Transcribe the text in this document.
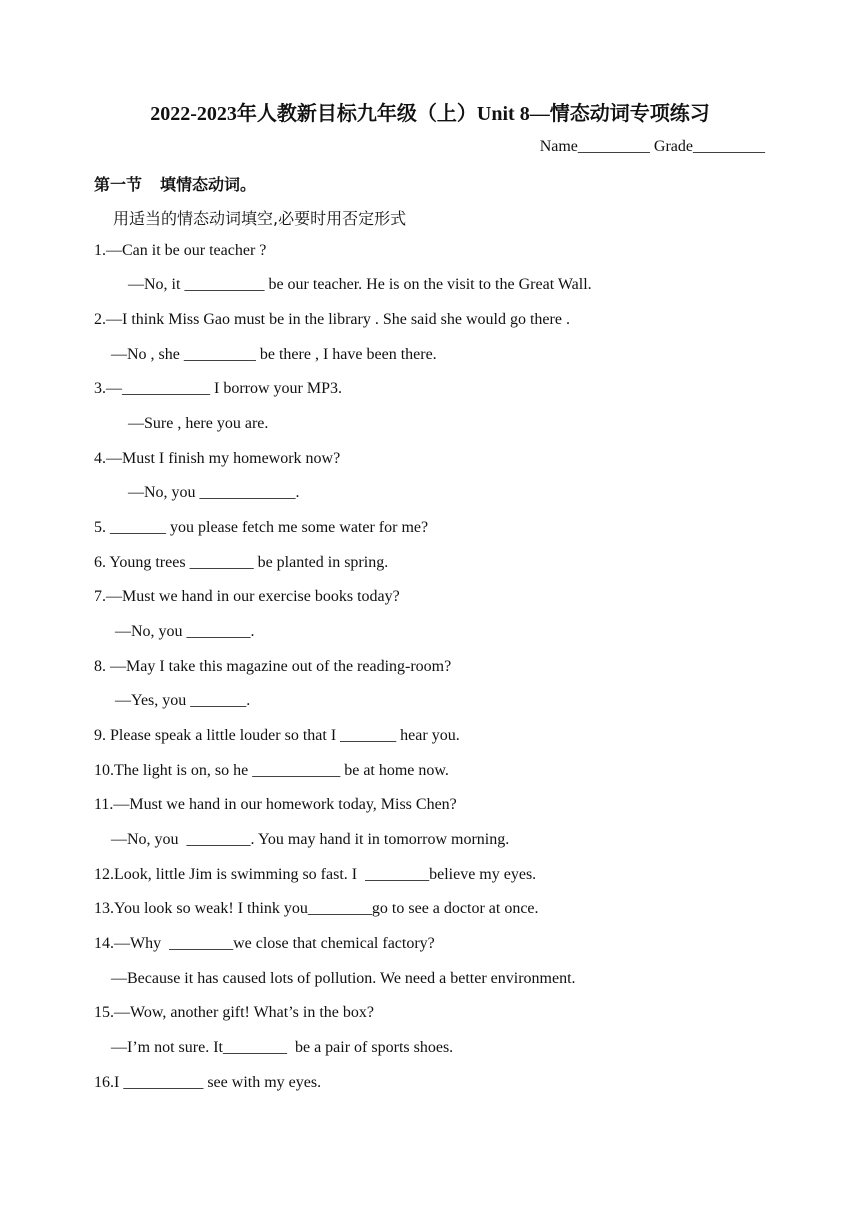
2022-2023年人教新目标九年级（上）Unit 8—情态动词专项练习
Name_________ Grade_________
第一节 填情态动词。
用适当的情态动词填空,必要时用否定形式
1.—Can it be our teacher ?
—No, it __________ be our teacher. He is on the visit to the Great Wall.
2.—I think Miss Gao must be in the library . She said she would go there .
—No , she _________ be there , I have been there.
3.—___________ I borrow your MP3.
—Sure , here you are.
4.—Must I finish my homework now?
—No, you ____________.
5. _______ you please fetch me some water for me?
6. Young trees ________ be planted in spring.
7.—Must we hand in our exercise books today?
—No, you ________.
8. —May I take this magazine out of the reading-room?
—Yes, you _______.
9. Please speak a little louder so that I _______ hear you.
10.The light is on, so he ___________ be at home now.
11.—Must we hand in our homework today, Miss Chen?
—No, you  ________. You may hand it in tomorrow morning.
12.Look, little Jim is swimming so fast. I  ________believe my eyes.
13.You look so weak! I think you________go to see a doctor at once.
14.—Why  ________we close that chemical factory?
—Because it has caused lots of pollution. We need a better environment.
15.—Wow, another gift! What’s in the box?
—I’m not sure. It________  be a pair of sports shoes.
16.I __________ see with my eyes.
